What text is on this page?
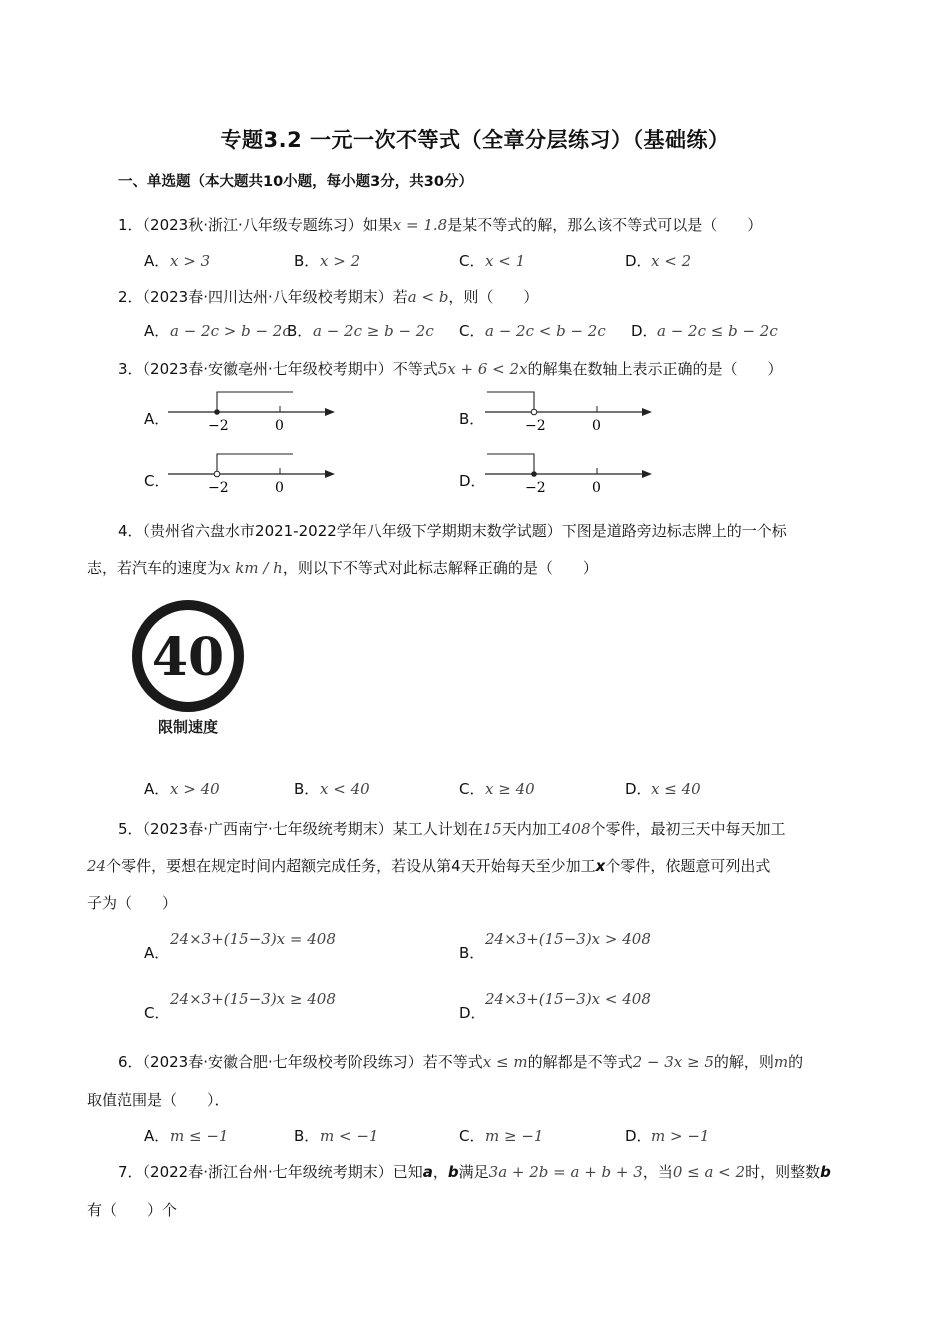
专题3.2 一元一次不等式（全章分层练习）（基础练）
一、单选题（本大题共10小题，每小题3分，共30分）
1．（2023秋·浙江·八年级专题练习）如果x = 1.8是某不等式的解，那么该不等式可以是（　　）
A．x > 3	B．x > 2	C．x < 1	D．x < 2
2．（2023春·四川达州·八年级校考期末）若a < b，则（　　）
A．a − 2c > b − 2c
B．a − 2c ≥ b − 2c C．a − 2c < b − 2c D．a − 2c ≤ b − 2c
3．（2023春·安徽亳州·七年级校考期中）不等式5x + 6 < 2x的解集在数轴上表示正确的是（　　）
A．	−2	0	B．	−2	0
C．	−2	0	D．	−2	0
4．（贵州省六盘水市2021-2022学年八年级下学期期末数学试题）下图是道路旁边标志牌上的一个标
志，若汽车的速度为x km / h，则以下不等式对此标志解释正确的是（　　）
40
限制速度
A．x > 40	B．x < 40	C．x ≥ 40	D．x ≤ 40
5．（2023春·广西南宁·七年级统考期末）某工人计划在15天内加工408个零件，最初三天中每天加工
24个零件，要想在规定时间内超额完成任务，若设从第4天开始每天至少加工x个零件，依题意可列出式
子为（　　）
A．24×3+(15−3)x = 408
B．24×3+(15−3)x > 408
C．24×3+(15−3)x ≥ 408
D．24×3+(15−3)x < 408
6．（2023春·安徽合肥·七年级校考阶段练习）若不等式x ≤ m的解都是不等式2 − 3x ≥ 5的解，则m的
取值范围是（　　）．
A．m ≤ −1	B．m < −1	C．m ≥ −1	D．m > −1
7．（2022春·浙江台州·七年级统考期末）已知a，b满足3a + 2b = a + b + 3，当0 ≤ a < 2时，则整数b
有（　　）个
